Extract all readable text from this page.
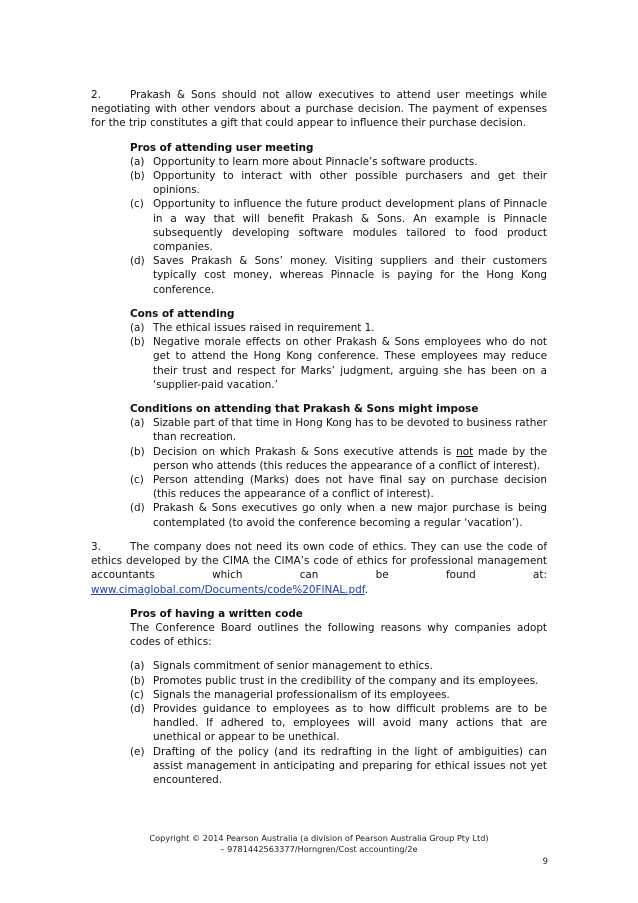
2.	Prakash & Sons should not allow executives to attend user meetings while negotiating with other vendors about a purchase decision. The payment of expenses for the trip constitutes a gift that could appear to influence their purchase decision.

Pros of attending user meeting

(a) Opportunity to learn more about Pinnacle’s software products.
(b) Opportunity to interact with other possible purchasers and get their opinions.
(c) Opportunity to influence the future product development plans of Pinnacle in a way that will benefit Prakash & Sons. An example is Pinnacle subsequently developing software modules tailored to food product companies.
(d) Saves Prakash & Sons’ money. Visiting suppliers and their customers typically cost money, whereas Pinnacle is paying for the Hong Kong conference.

Cons of attending

(a) The ethical issues raised in requirement 1.
(b) Negative morale effects on other Prakash & Sons employees who do not get to attend the Hong Kong conference. These employees may reduce their trust and respect for Marks’ judgment, arguing she has been on a ‘supplier-paid vacation.’

Conditions on attending that Prakash & Sons might impose

(a) Sizable part of that time in Hong Kong has to be devoted to business rather than recreation.
(b) Decision on which Prakash & Sons executive attends is not made by the person who attends (this reduces the appearance of a conflict of interest).
(c) Person attending (Marks) does not have final say on purchase decision (this reduces the appearance of a conflict of interest).
(d) Prakash & Sons executives go only when a new major purchase is being contemplated (to avoid the conference becoming a regular ‘vacation’).

3.	The company does not need its own code of ethics. They can use the code of ethics developed by the CIMA the CIMA’s code of ethics for professional management accountants which can be found at: www.cimaglobal.com/Documents/code%20FINAL.pdf.

Pros of having a written code

The Conference Board outlines the following reasons why companies adopt codes of ethics:

(a) Signals commitment of senior management to ethics.
(b) Promotes public trust in the credibility of the company and its employees.
(c) Signals the managerial professionalism of its employees.
(d) Provides guidance to employees as to how difficult problems are to be handled. If adhered to, employees will avoid many actions that are unethical or appear to be unethical.
(e) Drafting of the policy (and its redrafting in the light of ambiguities) can assist management in anticipating and preparing for ethical issues not yet encountered.
Copyright © 2014 Pearson Australia (a division of Pearson Australia Group Pty Ltd)
– 9781442563377/Horngren/Cost accounting/2e
9
